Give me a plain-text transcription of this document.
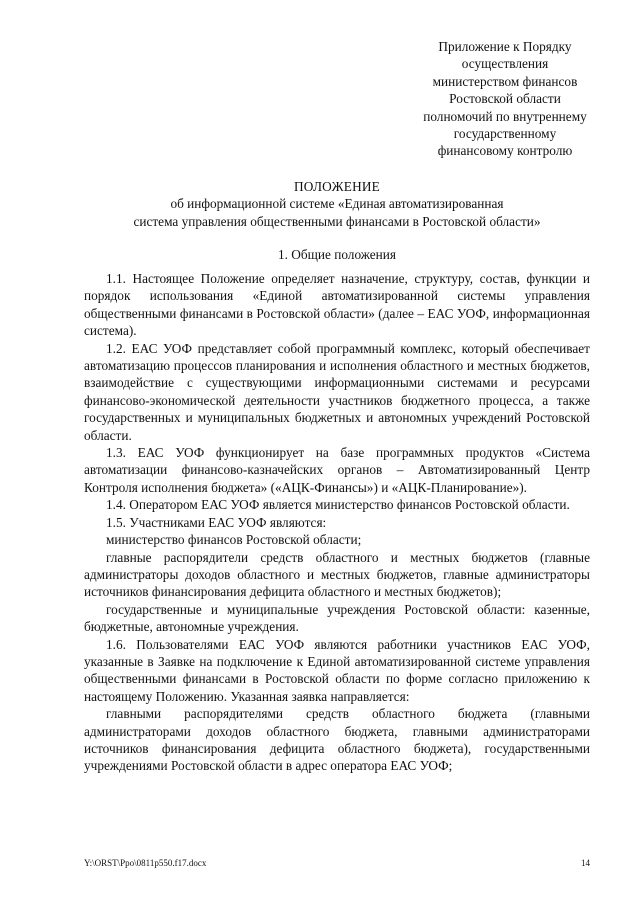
Приложение к Порядку
осуществления
министерством финансов
Ростовской области
полномочий по внутреннему
государственному
финансовому контролю
ПОЛОЖЕНИЕ
об информационной системе «Единая автоматизированная
система управления общественными финансами в Ростовской области»
1. Общие положения

1.1. Настоящее Положение определяет назначение, структуру, состав, функции и порядок использования «Единой автоматизированной системы управления общественными финансами в Ростовской области» (далее – ЕАС УОФ, информационная система).

1.2. ЕАС УОФ представляет собой программный комплекс, который обеспечивает автоматизацию процессов планирования и исполнения областного и местных бюджетов, взаимодействие с существующими информационными системами и ресурсами финансово-экономической деятельности участников бюджетного процесса, а также государственных и муниципальных бюджетных и автономных учреждений Ростовской области.

1.3. ЕАС УОФ функционирует на базе программных продуктов «Система автоматизации финансово-казначейских органов – Автоматизированный Центр Контроля исполнения бюджета» («АЦК-Финансы») и «АЦК-Планирование»).

1.4. Оператором ЕАС УОФ является министерство финансов Ростовской области.

1.5. Участниками ЕАС УОФ являются:

министерство финансов Ростовской области;

главные распорядители средств областного и местных бюджетов (главные администраторы доходов областного и местных бюджетов, главные администраторы источников финансирования дефицита областного и местных бюджетов);

государственные и муниципальные учреждения Ростовской области: казенные, бюджетные, автономные учреждения.

1.6. Пользователями ЕАС УОФ являются работники участников ЕАС УОФ, указанные в Заявке на подключение к Единой автоматизированной системе управления общественными финансами в Ростовской области по форме согласно приложению к настоящему Положению. Указанная заявка направляется:

главными распорядителями средств областного бюджета (главными администраторами доходов областного бюджета, главными администраторами источников финансирования дефицита областного бюджета), государственными учреждениями Ростовской области в адрес оператора ЕАС УОФ;

Y:\ORST\Ppo\0811p550.f17.docx	14
